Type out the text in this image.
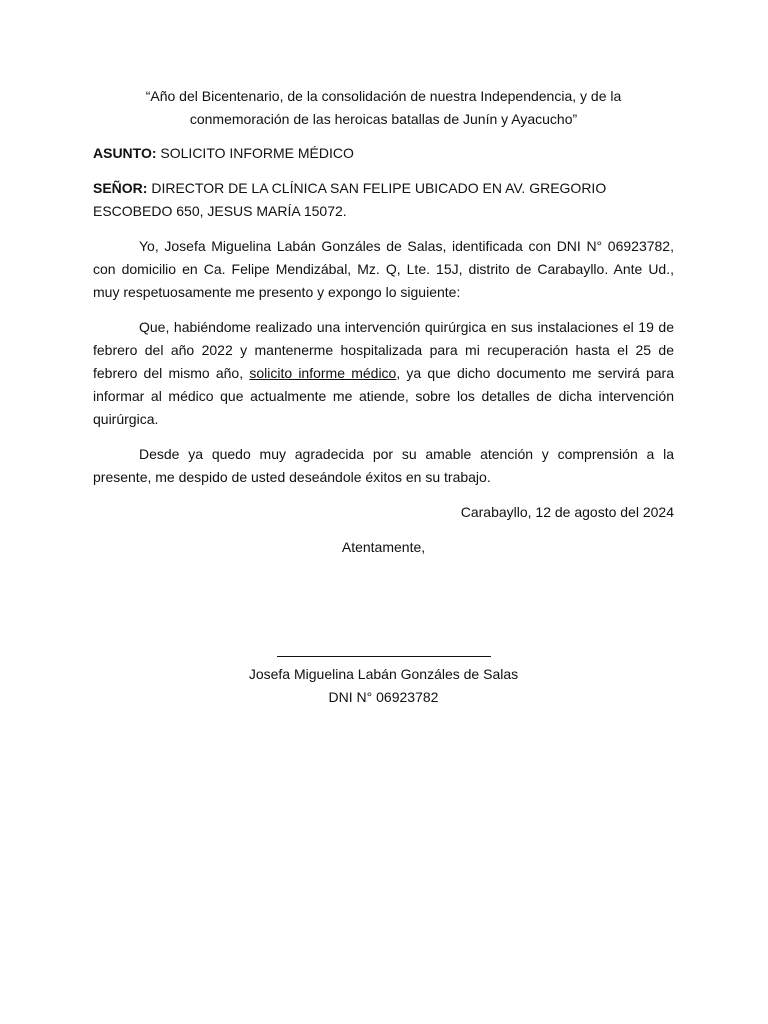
“Año del Bicentenario, de la consolidación de nuestra Independencia, y de la
conmemoración de las heroicas batallas de Junín y Ayacucho”

ASUNTO: SOLICITO INFORME MÉDICO

SEÑOR: DIRECTOR DE LA CLÍNICA SAN FELIPE UBICADO EN AV. GREGORIO ESCOBEDO 650, JESUS MARÍA 15072.

Yo, Josefa Miguelina Labán Gonzáles de Salas, identificada con DNI N° 06923782, con domicilio en Ca. Felipe Mendizábal, Mz. Q, Lte. 15J, distrito de Carabayllo. Ante Ud., muy respetuosamente me presento y expongo lo siguiente:

Que, habiéndome realizado una intervención quirúrgica en sus instalaciones el 19 de febrero del año 2022 y mantenerme hospitalizada para mi recuperación hasta el 25 de febrero del mismo año, solicito informe médico, ya que dicho documento me servirá para informar al médico que actualmente me atiende, sobre los detalles de dicha intervención quirúrgica.

Desde ya quedo muy agradecida por su amable atención y comprensión a la presente, me despido de usted deseándole éxitos en su trabajo.

Carabayllo, 12 de agosto del 2024

Atentamente,

Josefa Miguelina Labán Gonzáles de Salas

DNI N° 06923782
